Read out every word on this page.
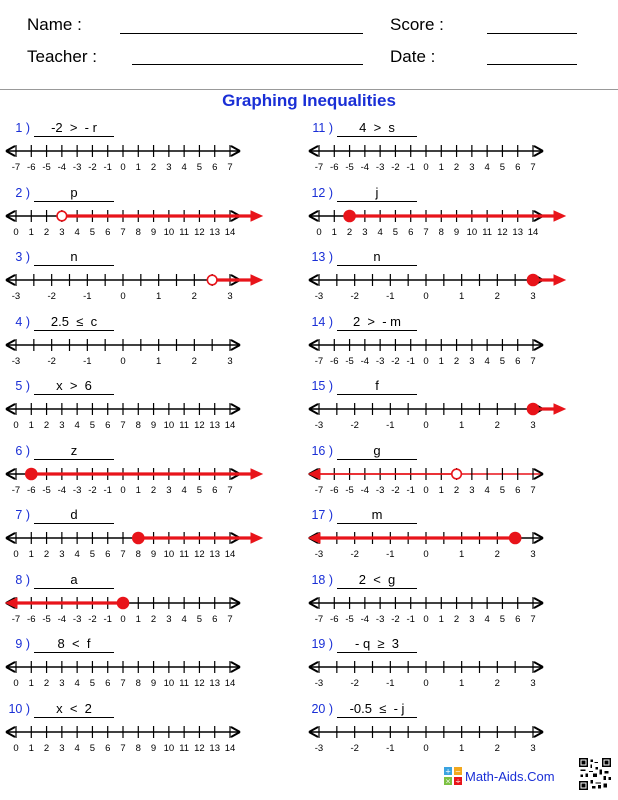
Name :	Score :
Teacher :	Date :
Graphing Inequalities
1 )	-2  >  - r
-7 -6 -5 -4 -3 -2 -1 0 1 2 3 4 5 6 7
2 )	p
0 1 2 3 4 5 6 7 8 9 10 11 12 13 14
3 )	n
-3	-2	-1	0	1	2	3
4 )	2.5  ≤  c
-3	-2	-1	0	1	2	3
5 )	x  >  6
0 1 2 3 4 5 6 7 8 9 10 11 12 13 14
6 )	z
-7 -6 -5 -4 -3 -2 -1 0 1 2 3 4 5 6 7
7 )	d
0 1 2 3 4 5 6 7 8 9 10 11 12 13 14
8 )	a
-7 -6 -5 -4 -3 -2 -1 0 1 2 3 4 5 6 7
9 )	8  <  f
0 1 2 3 4 5 6 7 8 9 10 11 12 13 14
10 )	x  <  2
0 1 2 3 4 5 6 7 8 9 10 11 12 13 14
11 )	4  >  s
-7 -6 -5 -4 -3 -2 -1 0 1 2 3 4 5 6 7
12 )	j
0 1 2 3 4 5 6 7 8 9 10 11 12 13 14
13 )	n
-3	-2	-1	0	1	2	3
14 )	2  >  - m
-7 -6 -5 -4 -3 -2 -1 0 1 2 3 4 5 6 7
15 )	f
-3	-2	-1	0	1	2	3
16 )	g
-7 -6 -5 -4 -3 -2 -1 0 1 2 3 4 5 6 7
17 )	m
-3	-2	-1	0	1	2	3
18 )	2  <  g
-7 -6 -5 -4 -3 -2 -1 0 1 2 3 4 5 6 7
19 )	- q  ≥  3
-3	-2	-1	0	1	2	3
20 )	-0.5  ≤  - j
-3	-2	-1	0	1	2	3
+ −
× ÷ Math-Aids.Com
